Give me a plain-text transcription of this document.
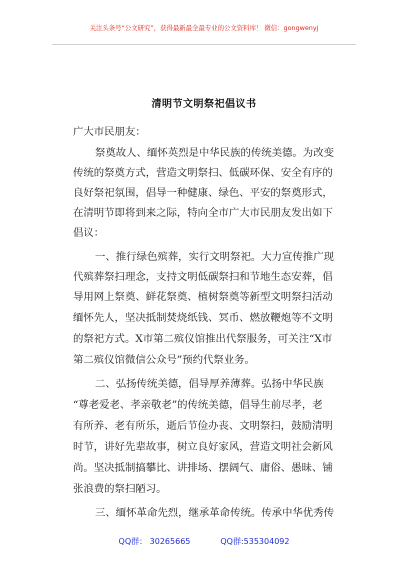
关注头条号“公文研究”，获得最新最全最专业的公文资料库！ 微信：gongwenyj
清明节文明祭祀倡议书
广大市民朋友：
祭奠故人、缅怀英烈是中华民族的传统美德。为改变
传统的祭奠方式，营造文明祭扫、低碳环保、安全有序的
良好祭祀氛围，倡导一种健康、绿色、平安的祭奠形式，
在清明节即将到来之际，特向全市广大市民朋友发出如下
倡议：
一、推行绿色殡葬，实行文明祭祀。大力宣传推广现
代殡葬祭扫理念，支持文明低碳祭扫和节地生态安葬，倡
导用网上祭奠、鲜花祭奠、植树祭奠等新型文明祭扫活动
缅怀先人，坚决抵制焚烧纸钱、冥币、燃放鞭炮等不文明
的祭祀方式。X市第二殡仪馆推出代祭服务，可关注“X市
第二殡仪馆微信公众号”预约代祭业务。
二、弘扬传统美德，倡导厚养薄葬。弘扬中华民族
“尊老爱老、孝亲敬老”的传统美德，倡导生前尽孝，老
有所养、老有所乐，逝后节俭办丧、文明祭扫，鼓励清明
时节，讲好先辈故事，树立良好家风，营造文明社会新风
尚。坚决抵制搞攀比、讲排场、摆阔气、庸俗、愚昧、铺
张浪费的祭扫陋习。
三、缅怀革命先烈，继承革命传统。传承中华优秀传
QQ群： 30265665	QQ群:535304092
